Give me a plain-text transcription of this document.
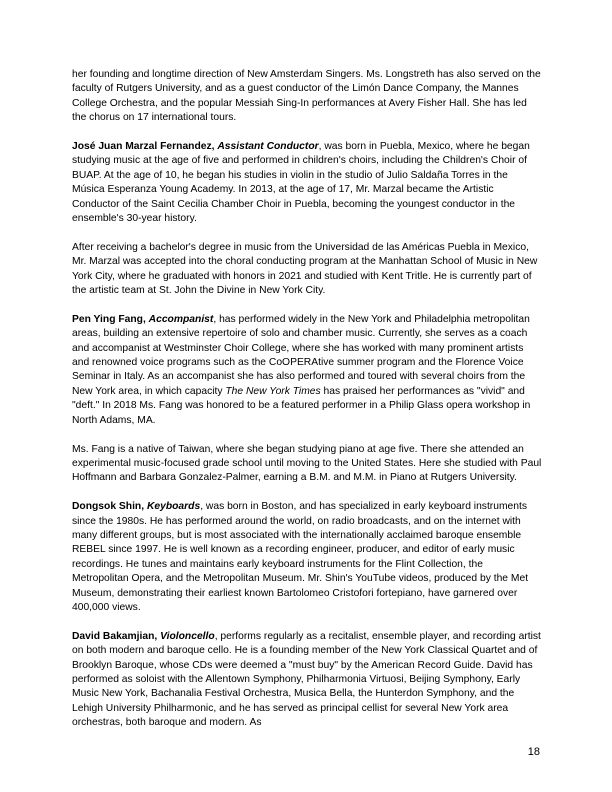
her founding and longtime direction of New Amsterdam Singers. Ms. Longstreth has also served on the faculty of Rutgers University, and as a guest conductor of the Limón Dance Company, the Mannes College Orchestra, and the popular Messiah Sing-In performances at Avery Fisher Hall. She has led the chorus on 17 international tours.

José Juan Marzal Fernandez, Assistant Conductor, was born in Puebla, Mexico, where he began studying music at the age of five and performed in children's choirs, including the Children's Choir of BUAP. At the age of 10, he began his studies in violin in the studio of Julio Saldaña Torres in the Música Esperanza Young Academy. In 2013, at the age of 17, Mr. Marzal became the Artistic Conductor of the Saint Cecilia Chamber Choir in Puebla, becoming the youngest conductor in the ensemble's 30-year history.

After receiving a bachelor's degree in music from the Universidad de las Américas Puebla in Mexico, Mr. Marzal was accepted into the choral conducting program at the Manhattan School of Music in New York City, where he graduated with honors in 2021 and studied with Kent Tritle. He is currently part of the artistic team at St. John the Divine in New York City.

Pen Ying Fang, Accompanist, has performed widely in the New York and Philadelphia metropolitan areas, building an extensive repertoire of solo and chamber music. Currently, she serves as a coach and accompanist at Westminster Choir College, where she has worked with many prominent artists and renowned voice programs such as the CoOPERAtive summer program and the Florence Voice Seminar in Italy. As an accompanist she has also performed and toured with several choirs from the New York area, in which capacity The New York Times has praised her performances as "vivid" and "deft." In 2018 Ms. Fang was honored to be a featured performer in a Philip Glass opera workshop in North Adams, MA.

Ms. Fang is a native of Taiwan, where she began studying piano at age five. There she attended an experimental music-focused grade school until moving to the United States. Here she studied with Paul Hoffmann and Barbara Gonzalez-Palmer, earning a B.M. and M.M. in Piano at Rutgers University.

Dongsok Shin, Keyboards, was born in Boston, and has specialized in early keyboard instruments since the 1980s. He has performed around the world, on radio broadcasts, and on the internet with many different groups, but is most associated with the internationally acclaimed baroque ensemble REBEL since 1997. He is well known as a recording engineer, producer, and editor of early music recordings. He tunes and maintains early keyboard instruments for the Flint Collection, the Metropolitan Opera, and the Metropolitan Museum. Mr. Shin's YouTube videos, produced by the Met Museum, demonstrating their earliest known Bartolomeo Cristofori fortepiano, have garnered over 400,000 views.

David Bakamjian, Violoncello, performs regularly as a recitalist, ensemble player, and recording artist on both modern and baroque cello. He is a founding member of the New York Classical Quartet and of Brooklyn Baroque, whose CDs were deemed a "must buy" by the American Record Guide. David has performed as soloist with the Allentown Symphony, Philharmonia Virtuosi, Beijing Symphony, Early Music New York, Bachanalia Festival Orchestra, Musica Bella, the Hunterdon Symphony, and the Lehigh University Philharmonic, and he has served as principal cellist for several New York area orchestras, both baroque and modern. As

18
